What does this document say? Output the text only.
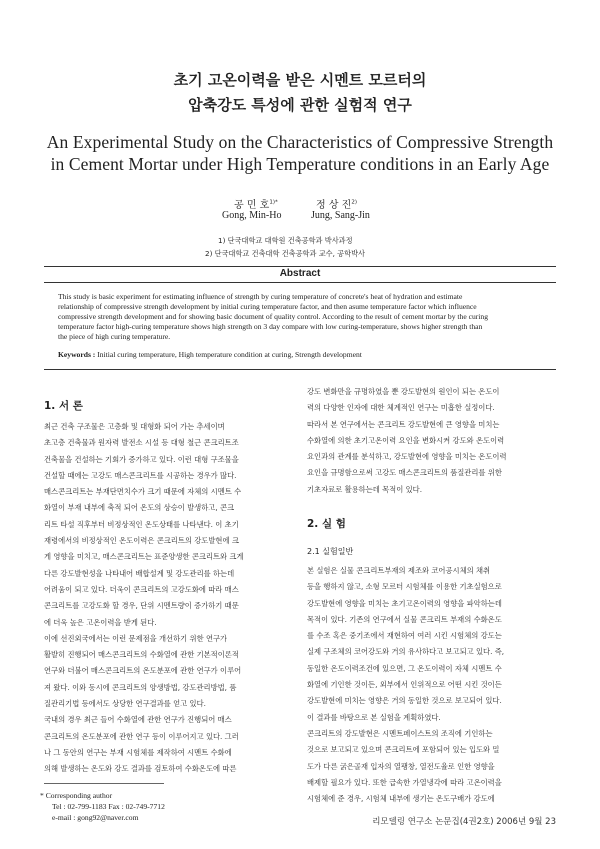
초기 고온이력을 받은 시멘트 모르터의
압축강도 특성에 관한 실험적 연구
An Experimental Study on the Characteristics of Compressive Strength
in Cement Mortar under High Temperature conditions in an Early Age
공 민 호$^{1)*}$	정 상 진$^{2)}$
Gong, Min-Ho	Jung, Sang-Jin
1) 단국대학교 대학원 건축공학과 박사과정
2) 단국대학교 건축대학 건축공학과 교수, 공학박사
Abstract
This study is basic experiment for estimating influence of strength by curing temperature of concrete's heat of hydration and estimate
relationship of compressive strength development by initial curing temperature factor, and then asume temperature factor which influence
compressive strength development and for showing basic document of quality control. According to the result of cement mortar by the curing
temperature factor high-curing temperature shows high strength on 3 day compare with low curing-temperature, shows higher strength than
the piece of high curing temperature.
Keywords : Initial curing temperature, High temperature condition at curing, Strength development
1. 서 론

최근 건축 구조물은 고층화 및 대형화 되어 가는 추세이며

초고층 건축물과 원자력 발전소 시설 등 대형 철근 콘크리트조

건축물을 건설하는 기회가 증가하고 있다. 이런 대형 구조물을

건설할 때에는 고강도 매스콘크리트를 시공하는 경우가 많다.

매스콘크리트는 부재단면치수가 크기 때문에 자체의 시멘트 수

화열이 부재 내부에 축적 되어 온도의 상승이 발생하고, 콘크

리트 타설 직후부터 비정상적인 온도상태를 나타낸다. 이 초기

재령에서의 비정상적인 온도이력은 콘크리트의 강도발현에 크

게 영향을 미치고, 매스콘크리트는 표준양생한 콘크리트와 크게

다른 강도발현성을 나타내어 배합설계 및 강도관리를 하는데

어려움이 되고 있다. 더욱이 콘크리트의 고강도화에 따라 매스

콘크리트를 고강도화 할 경우, 단위 시멘트량이 증가하기 때문

에 더욱 높은 고온이력을 받게 된다.

이에 선진외국에서는 이런 문제점을 개선하기 위한 연구가

활발히 진행되어 매스콘크리트의 수화열에 관한 기본적이론적

연구와 더불어 매스콘크리트의 온도분포에 관한 연구가 이루어

져 왔다. 이와 동시에 콘크리트의 양생방법, 강도관리방법, 품

질관리기법 등에서도 상당한 연구결과를 얻고 있다.

국내의 경우 최근 들어 수화열에 관한 연구가 진행되어 매스

콘크리트의 온도분포에 관한 연구 등이 이루어지고 있다. 그러

나 그 동안의 연구는 부재 시험체를 제작하여 시멘트 수화에

의해 발생하는 온도와 강도 결과를 검토하여 수화온도에 따른

* Corresponding author
Tel : 02-799-1183 Fax : 02-749-7712
e-mail : gong92@naver.com

강도 변화만을 규명하였을 뿐 강도발현의 원인이 되는 온도이

력의 다양한 인자에 대한 체계적인 연구는 미흡한 실정이다.

따라서 본 연구에서는 콘크리트 강도발현에 큰 영향을 미치는

수화열에 의한 초기고온이력 요인을 변화시켜 강도와 온도이력

요인과의 관계를 분석하고, 강도발현에 영향을 미치는 온도이력

요인을 규명함으로써 고강도 매스콘크리트의 품질관리를 위한

기초자료로 활용하는데 목적이 있다.

2. 실 험
2.1 실험일반

본 실험은 실물 콘크리트부재의 제조와 코어공시체의 채취

등을 행하지 않고, 소형 모르터 시험체를 이용한 기초실험으로

강도발현에 영향을 미치는 초기고온이력의 영향을 파악하는데

목적이 있다. 기존의 연구에서 실물 콘크리트 부재의 수화온도

를 수조 혹은 중기조에서 재현하여 여러 시킨 시험체의 강도는

실제 구조체의 코어강도와 거의 유사하다고 보고되고 있다. 즉,

동일한 온도이력조건에 있으면, 그 온도이력이 자체 시멘트 수

화열에 기인한 것이든, 외부에서 인위적으로 어떤 시킨 것이든

강도발현에 미치는 영향은 거의 동일한 것으로 보고되어 있다.

이 결과를 바탕으로 본 실험을 계획하였다.

콘크리트의 강도발현은 시멘트페이스트의 조직에 기인하는

것으로 보고되고 있으며 콘크리트에 포함되어 있는 입도와 밀

도가 다른 굵은골재 입자의 열팽창, 열전도율로 인한 영향을

배제할 필요가 있다. 또한 급속한 가열냉각에 따라 고온이력을

시험체에 준 경우, 시험체 내부에 생기는 온도구배가 강도에

리모델링 연구소 논문집(4권2호) 2006년 9월 23
